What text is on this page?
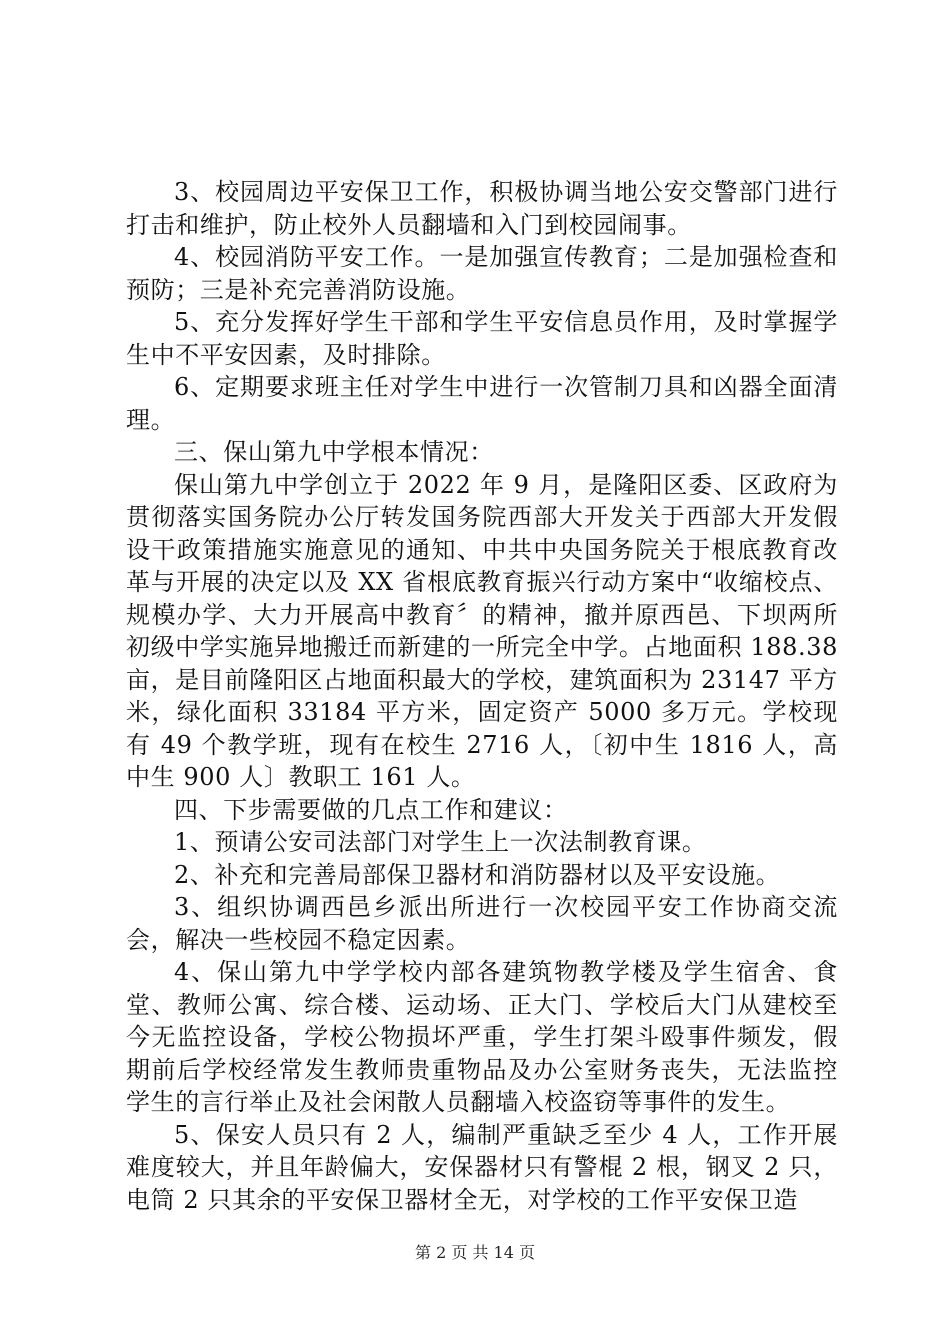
3、校园周边平安保卫工作，积极协调当地公安交警部门进行打击和维护，防止校外人员翻墙和入门到校园闹事。

4、校园消防平安工作。一是加强宣传教育；二是加强检查和预防；三是补充完善消防设施。

5、充分发挥好学生干部和学生平安信息员作用，及时掌握学生中不平安因素，及时排除。

6、定期要求班主任对学生中进行一次管制刀具和凶器全面清理。

三、保山第九中学根本情况：

保山第九中学创立于 2022 年 9 月，是隆阳区委、区政府为贯彻落实国务院办公厅转发国务院西部大开发关于西部大开发假设干政策措施实施意见的通知、中共中央国务院关于根底教育改革与开展的决定以及 XX 省根底教育振兴行动方案中“收缩校点、规模办学、大力开展高中教育〞的精神，撤并原西邑、下坝两所初级中学实施异地搬迁而新建的一所完全中学。占地面积 188.38 亩，是目前隆阳区占地面积最大的学校，建筑面积为 23147 平方米，绿化面积 33184 平方米，固定资产 5000 多万元。学校现有 49 个教学班，现有在校生 2716 人，〔初中生 1816 人，高中生 900 人〕教职工 161 人。

四、下步需要做的几点工作和建议：

1、预请公安司法部门对学生上一次法制教育课。

2、补充和完善局部保卫器材和消防器材以及平安设施。

3、组织协调西邑乡派出所进行一次校园平安工作协商交流会，解决一些校园不稳定因素。

4、保山第九中学学校内部各建筑物教学楼及学生宿舍、食堂、教师公寓、综合楼、运动场、正大门、学校后大门从建校至今无监控设备，学校公物损坏严重，学生打架斗殴事件频发，假期前后学校经常发生教师贵重物品及办公室财务丧失，无法监控学生的言行举止及社会闲散人员翻墙入校盗窃等事件的发生。

5、保安人员只有 2 人，编制严重缺乏至少 4 人，工作开展难度较大，并且年龄偏大，安保器材只有警棍 2 根，钢叉 2 只，电筒 2 只其余的平安保卫器材全无，对学校的工作平安保卫造

第 2 页 共 14 页
